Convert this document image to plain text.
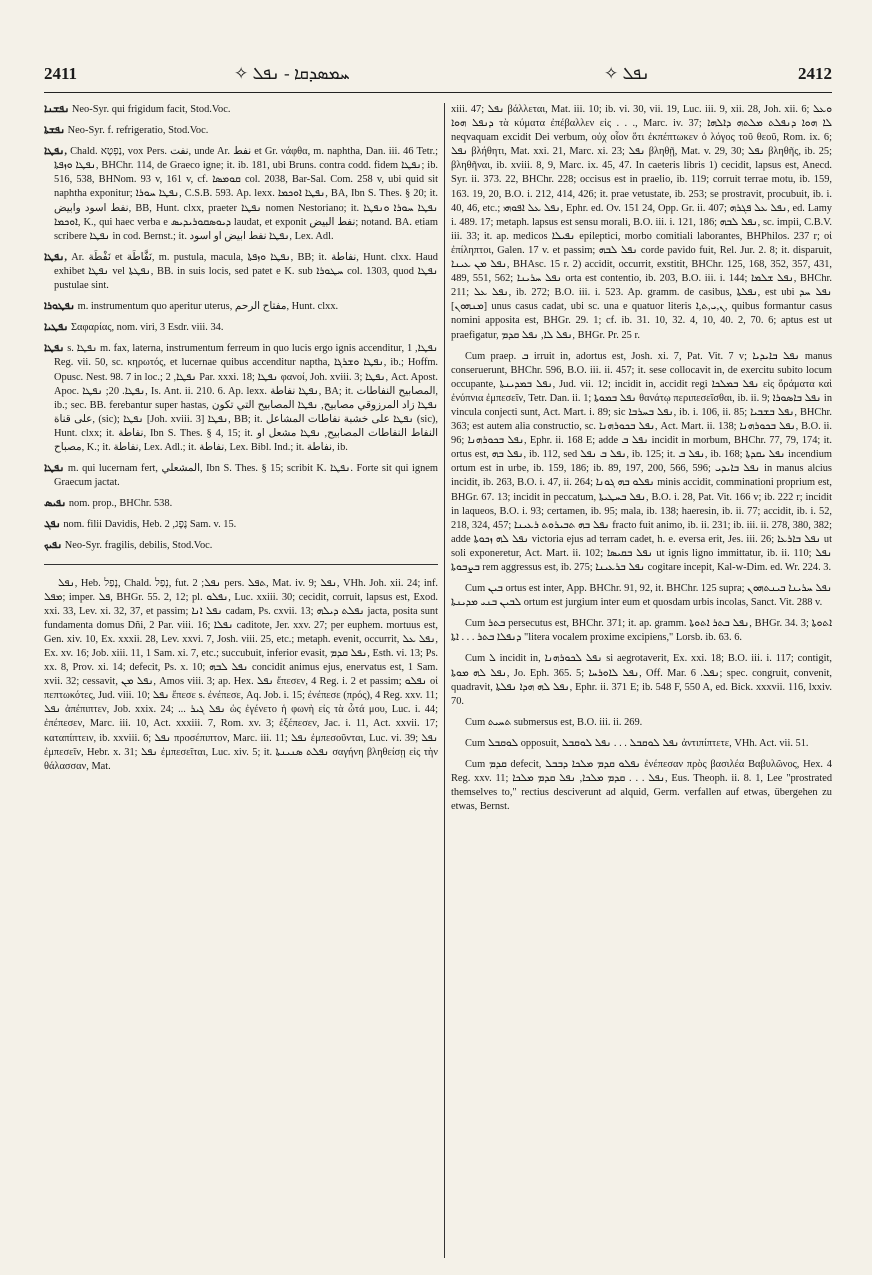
2411	✧ ܚܡܣܕܩܐ - ܢܦܠ	✧ ܢܦܠ	2412
ܢܦܫܢܐ Neo-Syr. qui frigidum facit, Stod.Voc.
ܢܦܫܬܐ Neo-Syr. f. refrigeratio, Stod.Voc.
ܢܦܛܐ, Chald. נַפְטָא, vox Pers. نفت, unde Ar. نفط et Gr. νάφθα, m. naphtha, Dan. iii. 46 Tetr.; ܢܦܛܐ ܘܙܦܬܐ, BHChr. 114, de Graeco igne; it. ib. 181, ubi Bruns. contra codd. fidem ܢܦܛܐ; ib. 516, 538, BHNom. 93 v, 161 v, cf. ܩܘܡܣܐ col. 2038, Bar-Sal. Com. 258 v, ubi quid sit naphtha exponitur; ܢܦܛܐ ܚܘܪܐ, C.S.B. 593. Ap. lexx. ܢܦܛܐ ܐܘܟܡܐ, BA, Ibn S. Thes. § 20; it. نفط اسود وابيض, BB, Hunt. clxx, praeter ܢܦܛܐ nomen Nestoriano; it. ܢܦܛܐ ܚܘܪܐ ܘܢܦܛܐ ܐܘܟܡܐ, K., qui haec verba e ܕܝܘܣܩܘܪܝܕܝܣ laudat, et exponit نفط البيض; notand. BA. etiam scribere ܢܦܛܐ in cod. Bernst.; it. ܢܦܛܐ نفط ابيض او اسود, Lex. Adl.
ܢܦܛܐ, Ar. نَفْطَة et نَفَّاطَة, m. pustula, macula, ܢܦܛܐ ܘܙܦܬܐ, BB; it. نفاطة, Hunt. clxx. Haud exhibet ܢܦܛܐ vel ܢܦܛܬܐ, BB. in suis locis, sed patet e K. sub ܚܛܘܪܐ col. 1303, quod ܢܦܛܐ pustulae sint.
ܢܦܛܘܪܐ m. instrumentum quo aperitur uterus, مفتاح الرحم, Hunt. clxx.
ܢܦܛܝܐ Σαφαρίας, nom. viri, 3 Esdr. viii. 34.
ܢܦܛܐ s. ܢܦܛܐ m. fax, laterna, instrumentum ferreum in quo lucis ergo ignis accenditur, ܢܦܛܐ, 1 Reg. vii. 50, sc. κηρωτός, et lucernae quibus accenditur naptha, ܢܦܛܐ ܘܫܪܓܐ, ib.; Hoffm. Opusc. Nest. 98. 7 in loc.; ܢܦܛܐ, 2 Par. xxxi. 18; ܢܦܛܐ φανοί, Joh. xviii. 3; ܢܦܛܐ, Act. Apost. Apoc. ܢܦܛܐ. 20; ܢܦܛܐ, Is. Ant. ii. 210. 6. Ap. lexx. ܢܦܛܐ نفاطة, BA; it. المصابيح النفاطات, ib.; sec. BB. ferebantur super hastas, ܢܦܛܐ زاد المرزوقي مصابيح, ܢܦܛܐ المصابيح التي تكون على قناة, (sic); ܢܦܛܐ [Joh. xviii. 3] ܢܦܛܐ, BB; it. ܢܦܛܐ على خشبة نفاطات المشاعل (sic), Hunt. clxx; it. نفاطة, Ibn S. Thes. § 4, 15; it. النفاط النفاطات المصابيح, ܢܦܛܐ مشعل او مصباح, K.; it. نفاطة, Lex. Adl.; it. نفاطة, Lex. Bibl. Ind.; it. نفاطة, ib.
ܢܦܛܐ m. qui lucernam fert, المشعلي, Ibn S. Thes. § 15; scribit K. ܢܦܛܐ. Forte sit qui ignem Graecum jactat.
ܢܦܝܣ nom. prop., BHChr. 538.
ܢܦܓ nom. filii Davidis, Heb. נֶפֶג, 2 Sam. v. 15.
ܢܦܝܟ Neo-Syr. fragilis, debilis, Stod.Voc.
ܢܦܠ, Heb. נָפַל, Chald. נְפַל, fut. ܢܦܠ; 2 pers. ܬܦܠ, Mat. iv. 9; ܢܦܠ, VHh. Joh. xii. 24; inf. ܡܦܠ; imper. ܦܠ, BHGr. 55. 2, 12; pl. ܢܦܠܘ, Luc. xxiii. 30; cecidit, corruit, lapsus est, Exod. xxi. 33, Lev. xi. 32, 37, et passim; ܢܦܠ ܐܢܐ cadam, Ps. cxvii. 13; ܢܦܠܬ ܕܝܠܗ jacta, posita sunt fundamenta domus Dñi, 2 Par. viii. 16; ܢܦܠܐ caditote, Jer. xxv. 27; per euphem. mortuus est, Gen. xiv. 10, Ex. xxxii. 28, Lev. xxvi. 7, Josh. viii. 25, etc.; metaph. evenit, occurrit, ܢܦܠ ܥܠ, Ex. xv. 16; Job. xiii. 11, 1 Sam. xi. 7, etc.; succubuit, inferior evasit, ܢܦܠ ܩܕܡ, Esth. vi. 13; Ps. xx. 8, Prov. xi. 14; defecit, Ps. x. 10; ܢܦܠ ܠܒܗ concidit animus ejus, enervatus est, 1 Sam. xvii. 32; cessavit, ܢܦܠ ܡܢ, Amos viii. 3; ap. Hex. ܢܦܠ ἔπεσεν, 4 Reg. i. 2 et passim; ܢܦܠܘ οἱ πεπτωκότες, Jud. viii. 10; ܢܦܠ ἔπεσε s. ἐνέπεσε, Aq. Job. i. 15; ἐνέπεσε (πρός), 4 Reg. xxv. 11; ܢܦܠ ἀπέπιπτεν, Job. xxix. 24; ... ܢܦܠ ܓܝܪ ὡς ἐγένετο ἡ φωνὴ εἰς τὰ ὦτά μου, Luc. i. 44; ἐπέπεσεν, Marc. iii. 10, Act. xxxiii. 7, Rom. xv. 3; ἐξέπεσεν, Jac. i. 11, Act. xxvii. 17; καταπίπτειν, ib. xxviii. 6; ܢܦܠ προσέπιπτον, Marc. iii. 11; ܢܦܠ ἐμπεσοῦνται, Luc. vi. 39; ܢܦܠ ἐμπεσεῖν, Hebr. x. 31; ܢܦܠ ἐμπεσεῖται, Luc. xiv. 5; it. ܢܦܠܬ ܣܢܝܢܬܐ σαγήνη βληθείσῃ εἰς τὴν θάλασσαν, Mat.
xiii. 47; ܢܦܠ βάλλεται, Mat. iii. 10; ib. vi. 30, vii. 19, Luc. iii. 9, xii. 28, Joh. xii. 6; ܘܥܠ ܕܢܦܠ ܗܘܐ τὰ κύματα ἐπέβαλλεν εἰς . . ., Marc. iv. 37; ܠܐ ܗܘܐ ܕܢܦܠܬ ܡܠܬܗ ܕܐܠܗܐ neqvaquam excidit Dei verbum, οὐχ οἷον ὅτι ἐκπέπτωκεν ὁ λόγος τοῦ θεοῦ, Rom. ix. 6; ܢܦܠ βλήθητι, Mat. xxi. 21, Marc. xi. 23; ܢܦܠ βληθῇ, Mat. v. 29, 30; ܢܦܠ βληθῆς, ib. 25; βληθῆναι, ib. xviii. 8, 9, Marc. ix. 45, 47. In caeteris libris 1) cecidit, lapsus est, Anecd. Syr. ii. 373. 22, BHChr. 228; occisus est in praelio, ib. 119; corruit terrae motu, ib. 159, 163. 19, 20, B.O. i. 212, 414, 426; it. prae vetustate, ib. 253; se prostravit, procubuit, ib. i. 40, 46, etc.; ܢܦܠ ܥܠ ܐܦܘܗܝ, Ephr. ed. Ov. 151 24, Opp. Gr. ii. 407; ܢܦܠ ܥܠ ܦܓܪܗ, ed. Lamy i. 489. 17; metaph. lapsus est sensu morali, B.O. iii. i. 121, 186; ܢܦܠ ܠܒܗ, sc. impii, C.B.V. iii. 33; it. ap. medicos ܢܦܝܠܐ epileptici, morbo comitiali laborantes, BHPhilos. 237 r; οἱ ἐπίληπτοι, Galen. 17 v. et passim; ܢܦܠ ܠܒܗ corde pavido fuit, Rel. Jur. 2. 8; it. disparuit, ܢܦܠ ܡܢ ܥܝܢܐ, BHAsc. 15 r. 2) accidit, occurrit, exstitit, BHChr. 125, 168, 352, 357, 431, 489, 551, 562; ܢܦܠ ܚܪܝܢܐ orta est contentio, ib. 203, B.O. iii. i. 144; ܢܦܠ ܫܠܡܐ, BHChr. 211; ܢܦܠ ܥܠ, ib. 272; B.O. iii. i. 523. Ap. gramm. de casibus, ܢܦܠܬܐ, est ubi ܢܦܠ ܚܕ [ܡܢܗܘܢ] unus casus cadat, ubi sc. una e quatuor literis ܢ,ܝ,ܬ,ܐ, quibus formantur casus nomini apposita est, BHGr. 29. 1; cf. ib. 31. 10, 32. 4, 10, 40. 2, 70. 6; aptus est ut praefigatur, ܢܦܠ ܠܐ, ܢܦܠ ܩܕܡ, BHGr. Pr. 25 r.
Cum praep. ܒ irruit in, adortus est, Josh. xi. 7, Pat. Vit. 7 v; ܢܦܠ ܒܐܝܕܝܐ manus conseruerunt, BHChr. 596, B.O. iii. ii. 457; it. sese collocavit in, de exercitu subito locum occupante, ܢܦܠ ܒܡܕܝܢܬܐ, Jud. vii. 12; incidit in, accidit regi ܢܦܠ ܒܡܠܟܐ εἰς ὅράματα καὶ ἐνύπνια ἐμπεσεῖν, Tetr. Dan. ii. 1; ܢܦܠ ܒܡܘܬܐ θανάτῳ περιπεσεῖσθαι, ib. ii. 9; ܢܦܠ ܒܐܣܘܪܐ in vincula conjecti sunt, Act. Mart. i. 89; sic ܢܦܠ ܒܚܪܒܐ, ib. i. 106, ii. 85; ܢܦܠ ܒܫܒܝܐ, BHChr. 363; est autem alia constructio, sc. ܢܦܠ ܒܟܘܪܗܢܐ, Act. Mart. ii. 138; ܢܦܠ ܒܟܘܪܗܢܐ, B.O. ii. 96; ܢܦܠ ܒܟܘܪܗܢܐ, Ephr. ii. 168 E; adde ܢܦܠ ܒ incidit in morbum, BHChr. 77, 79, 174; it. ortus est, ܢܦܠ ܒܗ, ib. 112, sed ܢܦܠ ܒ ܢܦܠ, ib. 125; it. ܢܦܠ ܒ, ib. 168; ܢܦܠ ܝܩܕܬܐ incendium ortum est in urbe, ib. 159, 186; ib. 89, 197, 200, 566, 596; ܢܦܠ ܒܐܝܕܝ in manus alcius incidit, ib. 263, B.O. i. 47, ii. 264; ܢܦܠܘ ܒܗ ܓܘܢܐ minis accidit, comminationi proprium est, BHGr. 67. 13; incidit in peccatum, ܢܦܠ ܒܚܛܝܬܐ, B.O. i. 28, Pat. Vit. 166 v; ib. 222 r; incidit in laqueos, B.O. i. 93; certamen, ib. 95; mala, ib. 138; haeresin, ib. ii. 77; accidit, ib. i. 52, 218, 324, 457; ܢܦܠ ܒܗ ܬܒܝܪܘܬ ܪܥܝܢܐ fracto fuit animo, ib. ii. 231; ib. iii. ii. 278, 380, 382; adde ܢܦܠ ܠܗ ܙܟܘܬܐ victoria ejus ad terram cadet, h. e. eversa erit, Jes. iii. 26; ܢܦܠ ܒܐܪܥܐ ut soli exponeretur, Act. Mart. ii. 102; ܢܦܠ ܒܩܝܣܐ ut ignis ligno immittatur, ib. ii. 110; ܢܦܠ ܒܨܒܘܬܐ rem aggressus est, ib. 275; ܢܦܠ ܒܪܥܝܢܐ cogitare incepit, Kal-w-Dim. ed. Wr. 224. 3.
Cum ܒܝܢ ortus est inter, App. BHChr. 91, 92, it. BHChr. 125 supra; ܢܦܠ ܚܪܝܢܐ ܒܝܢܬܗܘܢ ܠܒܝܢ ܒܢܝ ܡܕܝܢܬܐ ortum est jurgium inter eum et quosdam urbis incolas, Sanct. Vit. 288 v.
Cum ܒܬܪ persecutus est, BHChr. 371; it. ap. gramm. ܢܦܠ ܒܬܪ ܐܬܘܬܐ, BHGr. 34. 3; ܐܬܘܬܐ ܕܢܦܠܐ ܒܬܪ . . . ܐܬܐ "litera vocalem proxime excipiens," Lorsb. ib. 63. 6.
Cum ܠ incidit in, ܢܦܠ ܠܟܘܪܗܢܐ si aegrotaverit, Ex. xxi. 18; B.O. iii. i. 117; contigit, ܢܦܠ ܠܗ ܡܘܬܐ, Jo. Eph. 365. 5; ܢܦܠ ܠܐܘܪܚܐ, Off. Mar. ܢܦܠ. 6; spec. congruit, convenit, quadravit, ܢܦܠ ܠܗ ܗܕܐ ܢܦܠܬܐ, Ephr. ii. 371 E; ib. 548 F, 550 A, ed. Bick. xxxvii. 116, lxxiv. 70.
Cum ܬܚܝܬ submersus est, B.O. iii. ii. 269.
Cum ܠܘܩܒܠ opposuit, ܢܦܠ ܠܘܩܒܠ . . . ܢܦܠ ܠܘܩܒܠ ἀντιπίπτετε, VHh. Act. vii. 51.
Cum ܩܕܡ defecit, ܢܦܠܘ ܩܕܡ ܡܠܟܐ ܕܒܒܠ ἐνέπεσαν πρὸς βασιλέα Βαβυλῶνος, Hex. 4 Reg. xxv. 11; ܢܦܠ . . . ܩܕܡ ܡܠܟܐ, ܢܦܠ ܩܕܡ ܡܠܟܐ, Eus. Theoph. ii. 8. 1, Lee "prostrated themselves to," rectius desciverunt ad alquid, Germ. verfallen auf etwas, übergehen zu etwas, Bernst.
